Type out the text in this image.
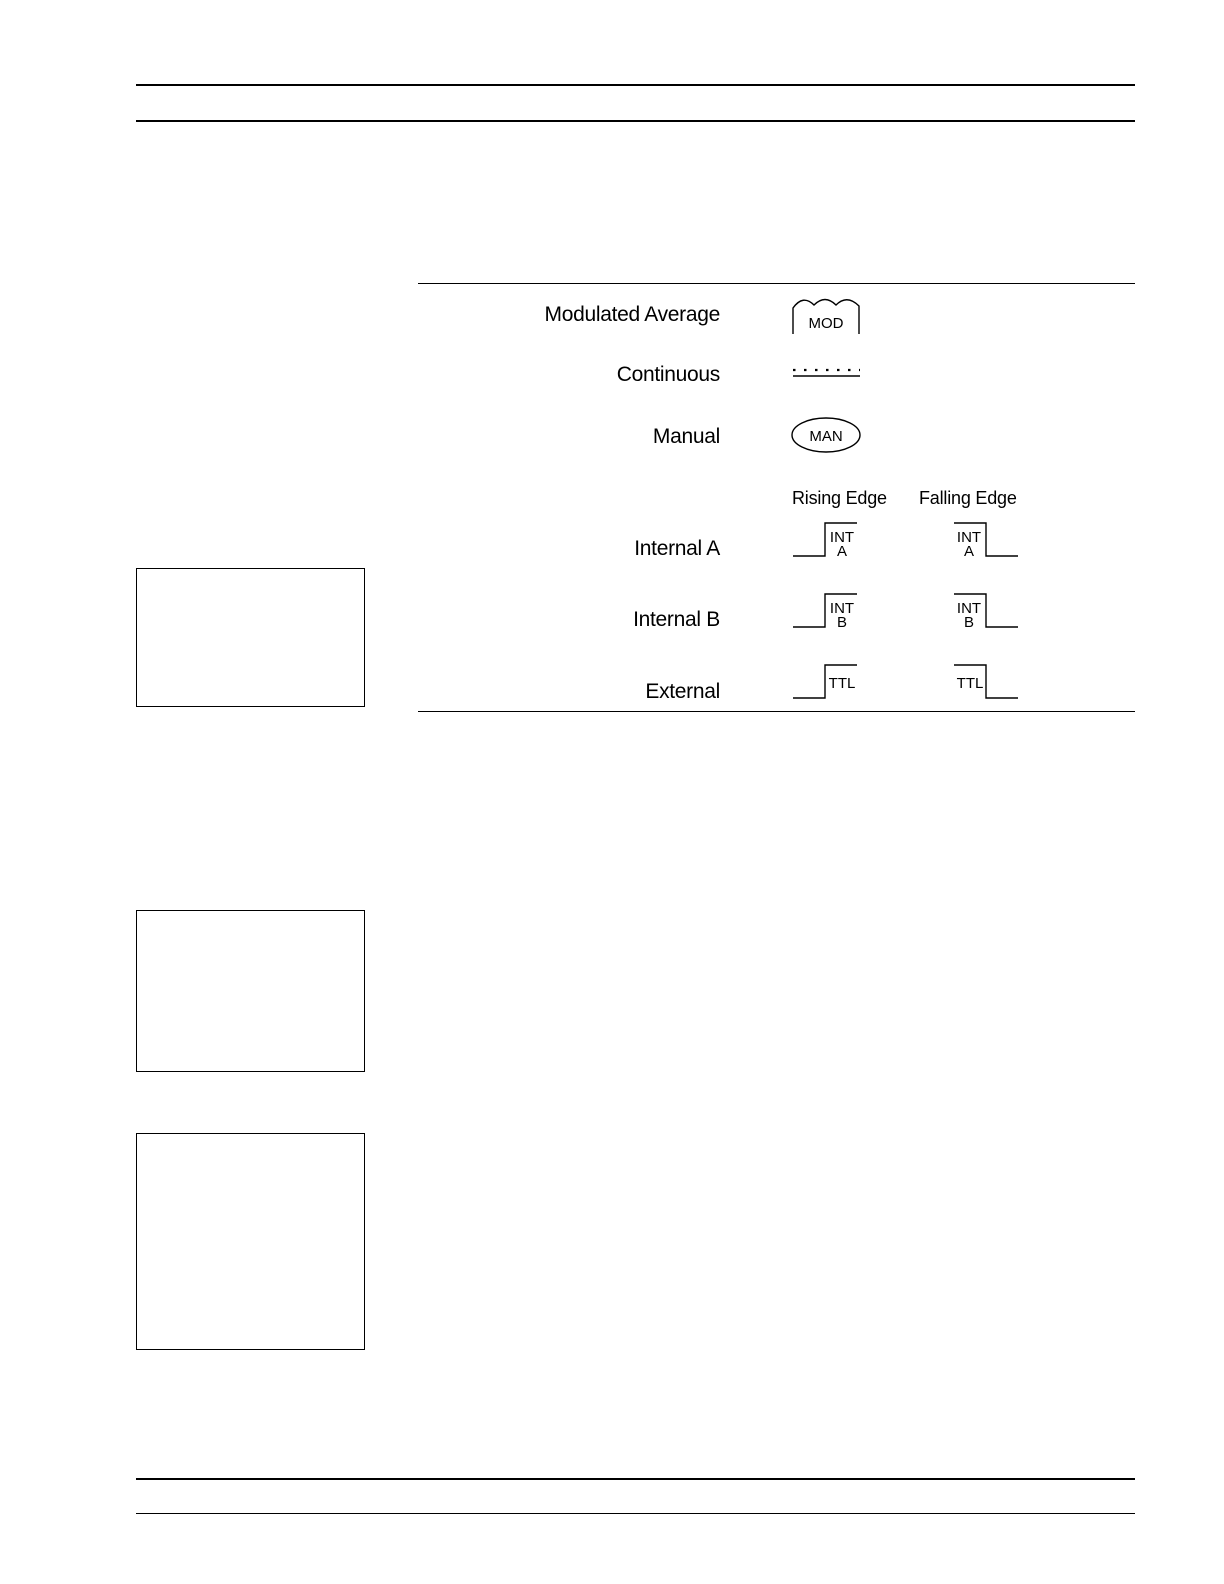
Modulated Average
Continuous
Manual
Internal A
Internal B
External
Rising Edge Falling Edge
MOD
MAN
INT
A
INT
A
INT
B
INT
B
TTL	TTL
